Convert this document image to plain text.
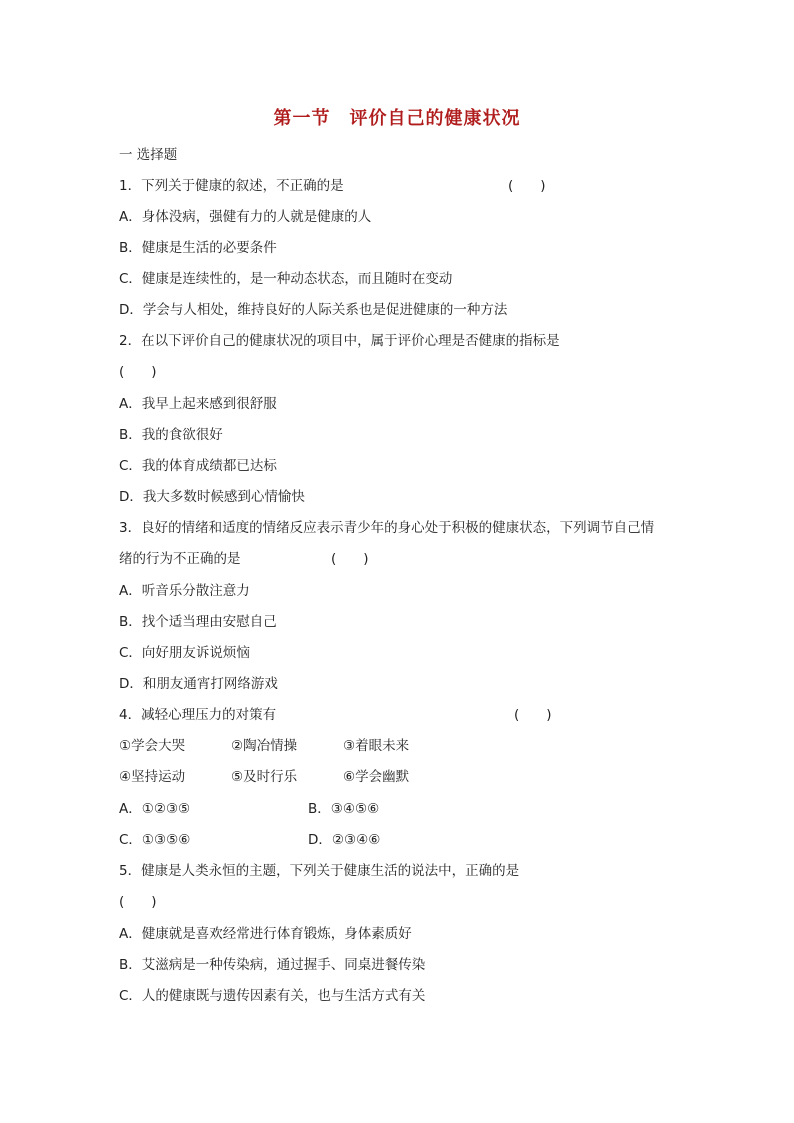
第一节　评价自己的健康状况
一 选择题
1．下列关于健康的叙述，不正确的是	(　　)
A．身体没病，强健有力的人就是健康的人
B．健康是生活的必要条件
C．健康是连续性的，是一种动态状态，而且随时在变动
D．学会与人相处，维持良好的人际关系也是促进健康的一种方法
2．在以下评价自己的健康状况的项目中，属于评价心理是否健康的指标是
(　　)
A．我早上起来感到很舒服
B．我的食欲很好
C．我的体育成绩都已达标
D．我大多数时候感到心情愉快
3．良好的情绪和适度的情绪反应表示青少年的身心处于积极的健康状态，下列调节自己情
绪的行为不正确的是	(　　)
A．听音乐分散注意力
B．找个适当理由安慰自己
C．向好朋友诉说烦恼
D．和朋友通宵打网络游戏
4．减轻心理压力的对策有	(　　)
①学会大哭	②陶冶情操	③着眼未来
④坚持运动	⑤及时行乐	⑥学会幽默
A．①②③⑤	B．③④⑤⑥
C．①③⑤⑥	D．②③④⑥
5．健康是人类永恒的主题，下列关于健康生活的说法中，正确的是
(　　)
A．健康就是喜欢经常进行体育锻炼，身体素质好
B．艾滋病是一种传染病，通过握手、同桌进餐传染
C．人的健康既与遗传因素有关，也与生活方式有关
